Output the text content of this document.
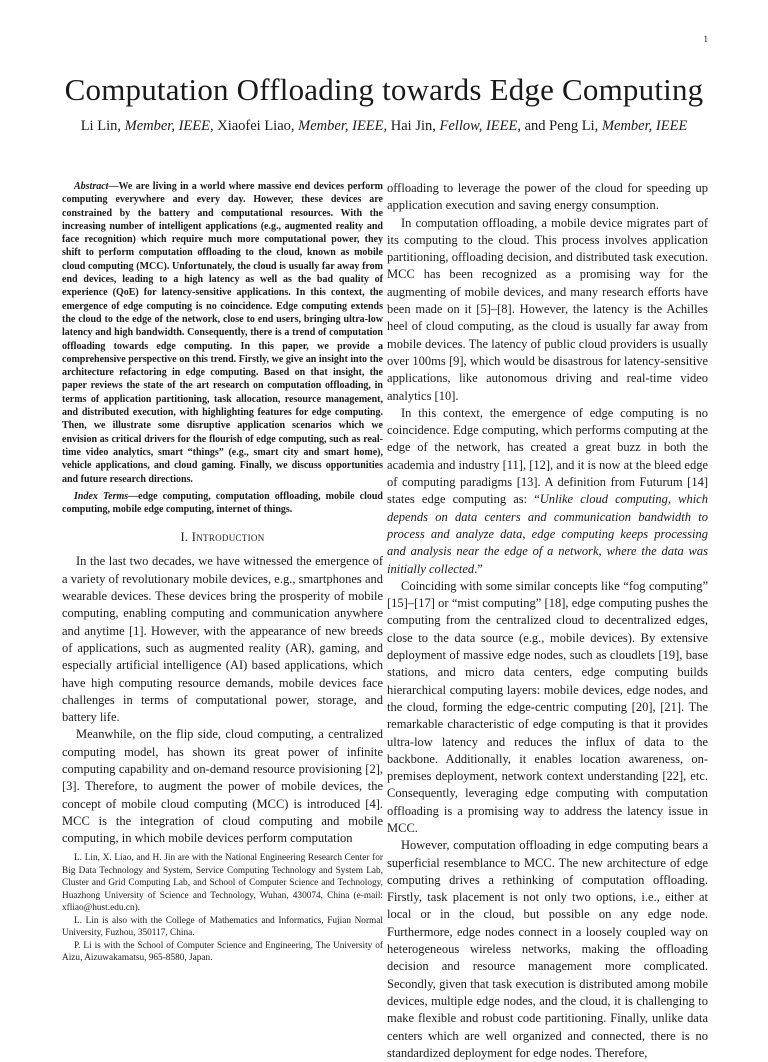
1
Computation Offloading towards Edge Computing

Li Lin, Member, IEEE, Xiaofei Liao, Member, IEEE, Hai Jin, Fellow, IEEE, and Peng Li, Member, IEEE

Abstract—We are living in a world where massive end devices perform computing everywhere and every day. However, these devices are constrained by the battery and computational resources. With the increasing number of intelligent applications (e.g., augmented reality and face recognition) which require much more computational power, they shift to perform computation offloading to the cloud, known as mobile cloud computing (MCC). Unfortunately, the cloud is usually far away from end devices, leading to a high latency as well as the bad quality of experience (QoE) for latency-sensitive applications. In this context, the emergence of edge computing is no coincidence. Edge computing extends the cloud to the edge of the network, close to end users, bringing ultra-low latency and high bandwidth. Consequently, there is a trend of computation offloading towards edge computing. In this paper, we provide a comprehensive perspective on this trend. Firstly, we give an insight into the architecture refactoring in edge computing. Based on that insight, the paper reviews the state of the art research on computation offloading, in terms of application partitioning, task allocation, resource management, and distributed execution, with highlighting features for edge computing. Then, we illustrate some disruptive application scenarios which we envision as critical drivers for the flourish of edge computing, such as real-time video analytics, smart “things” (e.g., smart city and smart home), vehicle applications, and cloud gaming. Finally, we discuss opportunities and future research directions.

Index Terms—edge computing, computation offloading, mobile cloud computing, mobile edge computing, internet of things.

I. Introduction

In the last two decades, we have witnessed the emergence of a variety of revolutionary mobile devices, e.g., smartphones and wearable devices. These devices bring the prosperity of mobile computing, enabling computing and communication anywhere and anytime [1]. However, with the appearance of new breeds of applications, such as augmented reality (AR), gaming, and especially artificial intelligence (AI) based applications, which have high computing resource demands, mobile devices face challenges in terms of computational power, storage, and battery life.

Meanwhile, on the flip side, cloud computing, a centralized computing model, has shown its great power of infinite computing capability and on-demand resource provisioning [2], [3]. Therefore, to augment the power of mobile devices, the concept of mobile cloud computing (MCC) is introduced [4]. MCC is the integration of cloud computing and mobile computing, in which mobile devices perform computation

L. Lin, X. Liao, and H. Jin are with the National Engineering Research Center for Big Data Technology and System, Service Computing Technology and System Lab, Cluster and Grid Computing Lab, and School of Computer Science and Technology, Huazhong University of Science and Technology, Wuhan, 430074, China (e-mail: xfliao@hust.edu.cn).

L. Lin is also with the College of Mathematics and Informatics, Fujian Normal University, Fuzhou, 350117, China.

P. Li is with the School of Computer Science and Engineering, The University of Aizu, Aizuwakamatsu, 965-8580, Japan.

offloading to leverage the power of the cloud for speeding up application execution and saving energy consumption.

In computation offloading, a mobile device migrates part of its computing to the cloud. This process involves application partitioning, offloading decision, and distributed task execution. MCC has been recognized as a promising way for the augmenting of mobile devices, and many research efforts have been made on it [5]–[8]. However, the latency is the Achilles heel of cloud computing, as the cloud is usually far away from mobile devices. The latency of public cloud providers is usually over 100ms [9], which would be disastrous for latency-sensitive applications, like autonomous driving and real-time video analytics [10].

In this context, the emergence of edge computing is no coincidence. Edge computing, which performs computing at the edge of the network, has created a great buzz in both the academia and industry [11], [12], and it is now at the bleed edge of computing paradigms [13]. A definition from Futurum [14] states edge computing as: “Unlike cloud computing, which depends on data centers and communication bandwidth to process and analyze data, edge computing keeps processing and analysis near the edge of a network, where the data was initially collected.”

Coinciding with some similar concepts like “fog computing” [15]–[17] or “mist computing” [18], edge computing pushes the computing from the centralized cloud to decentralized edges, close to the data source (e.g., mobile devices). By extensive deployment of massive edge nodes, such as cloudlets [19], base stations, and micro data centers, edge computing builds hierarchical computing layers: mobile devices, edge nodes, and the cloud, forming the edge-centric computing [20], [21]. The remarkable characteristic of edge computing is that it provides ultra-low latency and reduces the influx of data to the backbone. Additionally, it enables location awareness, on-premises deployment, network context understanding [22], etc. Consequently, leveraging edge computing with computation offloading is a promising way to address the latency issue in MCC.

However, computation offloading in edge computing bears a superficial resemblance to MCC. The new architecture of edge computing drives a rethinking of computation offloading. Firstly, task placement is not only two options, i.e., either at local or in the cloud, but possible on any edge node. Furthermore, edge nodes connect in a loosely coupled way on heterogeneous wireless networks, making the offloading decision and resource management more complicated. Secondly, given that task execution is distributed among mobile devices, multiple edge nodes, and the cloud, it is challenging to make flexible and robust code partitioning. Finally, unlike data centers which are well organized and connected, there is no standardized deployment for edge nodes. Therefore,
